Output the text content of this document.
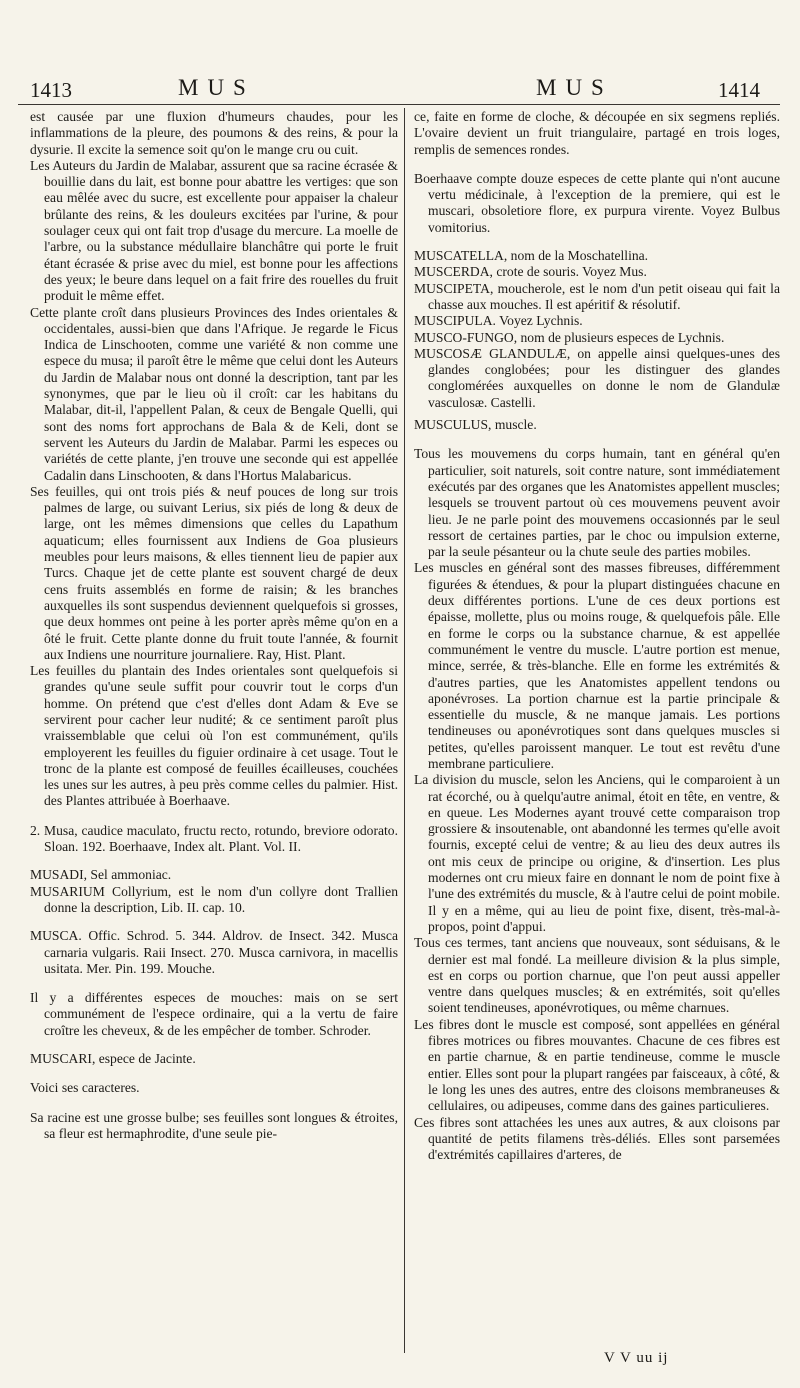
1413	MUS	MUS	1414

est causée par une fluxion d'humeurs chaudes, pour les inflammations de la pleure, des poumons & des reins, & pour la dysurie. Il excite la semence soit qu'on le mange cru ou cuit.

Les Auteurs du Jardin de Malabar, assurent que sa racine écrasée & bouillie dans du lait, est bonne pour abattre les vertiges: que son eau mêlée avec du sucre, est excellente pour appaiser la chaleur brûlante des reins, & les douleurs excitées par l'urine, & pour soulager ceux qui ont fait trop d'usage du mercure. La moelle de l'arbre, ou la substance médullaire blanchâtre qui porte le fruit étant écrasée & prise avec du miel, est bonne pour les affections des yeux; le beure dans lequel on a fait frire des rouelles du fruit produit le même effet.

Cette plante croît dans plusieurs Provinces des Indes orientales & occidentales, aussi-bien que dans l'Afrique. Je regarde le Ficus Indica de Linschooten, comme une variété & non comme une espece du musa; il paroît être le même que celui dont les Auteurs du Jardin de Malabar nous ont donné la description, tant par les synonymes, que par le lieu où il croît: car les habitans du Malabar, dit-il, l'appellent Palan, & ceux de Bengale Quelli, qui sont des noms fort approchans de Bala & de Keli, dont se servent les Auteurs du Jardin de Malabar. Parmi les especes ou variétés de cette plante, j'en trouve une seconde qui est appellée Cadalin dans Linschooten, & dans l'Hortus Malabaricus.

Ses feuilles, qui ont trois piés & neuf pouces de long sur trois palmes de large, ou suivant Lerius, six piés de long & deux de large, ont les mêmes dimensions que celles du Lapathum aquaticum; elles fournissent aux Indiens de Goa plusieurs meubles pour leurs maisons, & elles tiennent lieu de papier aux Turcs. Chaque jet de cette plante est souvent chargé de deux cens fruits assemblés en forme de raisin; & les branches auxquelles ils sont suspendus deviennent quelquefois si grosses, que deux hommes ont peine à les porter après même qu'on en a ôté le fruit. Cette plante donne du fruit toute l'année, & fournit aux Indiens une nourriture journaliere. Ray, Hist. Plant.

Les feuilles du plantain des Indes orientales sont quelquefois si grandes qu'une seule suffit pour couvrir tout le corps d'un homme. On prétend que c'est d'elles dont Adam & Eve se servirent pour cacher leur nudité; & ce sentiment paroît plus vraissemblable que celui où l'on est communément, qu'ils employerent les feuilles du figuier ordinaire à cet usage. Tout le tronc de la plante est composé de feuilles écailleuses, couchées les unes sur les autres, à peu près comme celles du palmier. Hist. des Plantes attribuée à Boerhaave.

2. Musa, caudice maculato, fructu recto, rotundo, breviore odorato. Sloan. 192. Boerhaave, Index alt. Plant. Vol. II.

MUSADI, Sel ammoniac.

MUSARIUM Collyrium, est le nom d'un collyre dont Trallien donne la description, Lib. II. cap. 10.

MUSCA. Offic. Schrod. 5. 344. Aldrov. de Insect. 342. Musca carnaria vulgaris. Raii Insect. 270. Musca carnivora, in macellis usitata. Mer. Pin. 199. Mouche.

Il y a différentes especes de mouches: mais on se sert communément de l'espece ordinaire, qui a la vertu de faire croître les cheveux, & de les empêcher de tomber. Schroder.

MUSCARI, espece de Jacinte.

Voici ses caracteres.

Sa racine est une grosse bulbe; ses feuilles sont longues & étroites, sa fleur est hermaphrodite, d'une seule pie-

ce, faite en forme de cloche, & découpée en six segmens repliés. L'ovaire devient un fruit triangulaire, partagé en trois loges, remplis de semences rondes.

Boerhaave compte douze especes de cette plante qui n'ont aucune vertu médicinale, à l'exception de la premiere, qui est le muscari, obsoletiore flore, ex purpura virente. Voyez Bulbus vomitorius.

MUSCATELLA, nom de la Moschatellina.

MUSCERDA, crote de souris. Voyez Mus.

MUSCIPETA, moucherole, est le nom d'un petit oiseau qui fait la chasse aux mouches. Il est apéritif & résolutif.

MUSCIPULA. Voyez Lychnis.

MUSCO-FUNGO, nom de plusieurs especes de Lychnis.

MUSCOSÆ GLANDULÆ, on appelle ainsi quelques-unes des glandes conglobées; pour les distinguer des glandes conglomérées auxquelles on donne le nom de Glandulæ vasculosæ. Castelli.

MUSCULUS, muscle.

Tous les mouvemens du corps humain, tant en général qu'en particulier, soit naturels, soit contre nature, sont immédiatement exécutés par des organes que les Anatomistes appellent muscles; lesquels se trouvent partout où ces mouvemens peuvent avoir lieu. Je ne parle point des mouvemens occasionnés par le seul ressort de certaines parties, par le choc ou impulsion externe, par la seule pésanteur ou la chute seule des parties mobiles.

Les muscles en général sont des masses fibreuses, différemment figurées & étendues, & pour la plupart distinguées chacune en deux différentes portions. L'une de ces deux portions est épaisse, mollette, plus ou moins rouge, & quelquefois pâle. Elle en forme le corps ou la substance charnue, & est appellée communément le ventre du muscle. L'autre portion est menue, mince, serrée, & très-blanche. Elle en forme les extrémités & d'autres parties, que les Anatomistes appellent tendons ou aponévroses. La portion charnue est la partie principale & essentielle du muscle, & ne manque jamais. Les portions tendineuses ou aponévrotiques sont dans quelques muscles si petites, qu'elles paroissent manquer. Le tout est revêtu d'une membrane particuliere.

La division du muscle, selon les Anciens, qui le comparoient à un rat écorché, ou à quelqu'autre animal, étoit en tête, en ventre, & en queue. Les Modernes ayant trouvé cette comparaison trop grossiere & insoutenable, ont abandonné les termes qu'elle avoit fournis, excepté celui de ventre; & au lieu des deux autres ils ont mis ceux de principe ou origine, & d'insertion. Les plus modernes ont cru mieux faire en donnant le nom de point fixe à l'une des extrémités du muscle, & à l'autre celui de point mobile. Il y en a même, qui au lieu de point fixe, disent, très-mal-à-propos, point d'appui.

Tous ces termes, tant anciens que nouveaux, sont séduisans, & le dernier est mal fondé. La meilleure division & la plus simple, est en corps ou portion charnue, que l'on peut aussi appeller ventre dans quelques muscles; & en extrémités, soit qu'elles soient tendineuses, aponévrotiques, ou même charnues.

Les fibres dont le muscle est composé, sont appellées en général fibres motrices ou fibres mouvantes. Chacune de ces fibres est en partie charnue, & en partie tendineuse, comme le muscle entier. Elles sont pour la plupart rangées par faisceaux, à côté, & le long les unes des autres, entre des cloisons membraneuses & cellulaires, ou adipeuses, comme dans des gaines particulieres.

Ces fibres sont attachées les unes aux autres, & aux cloisons par quantité de petits filamens très-déliés. Elles sont parsemées d'extrémités capillaires d'arteres, de

V V uu ij
